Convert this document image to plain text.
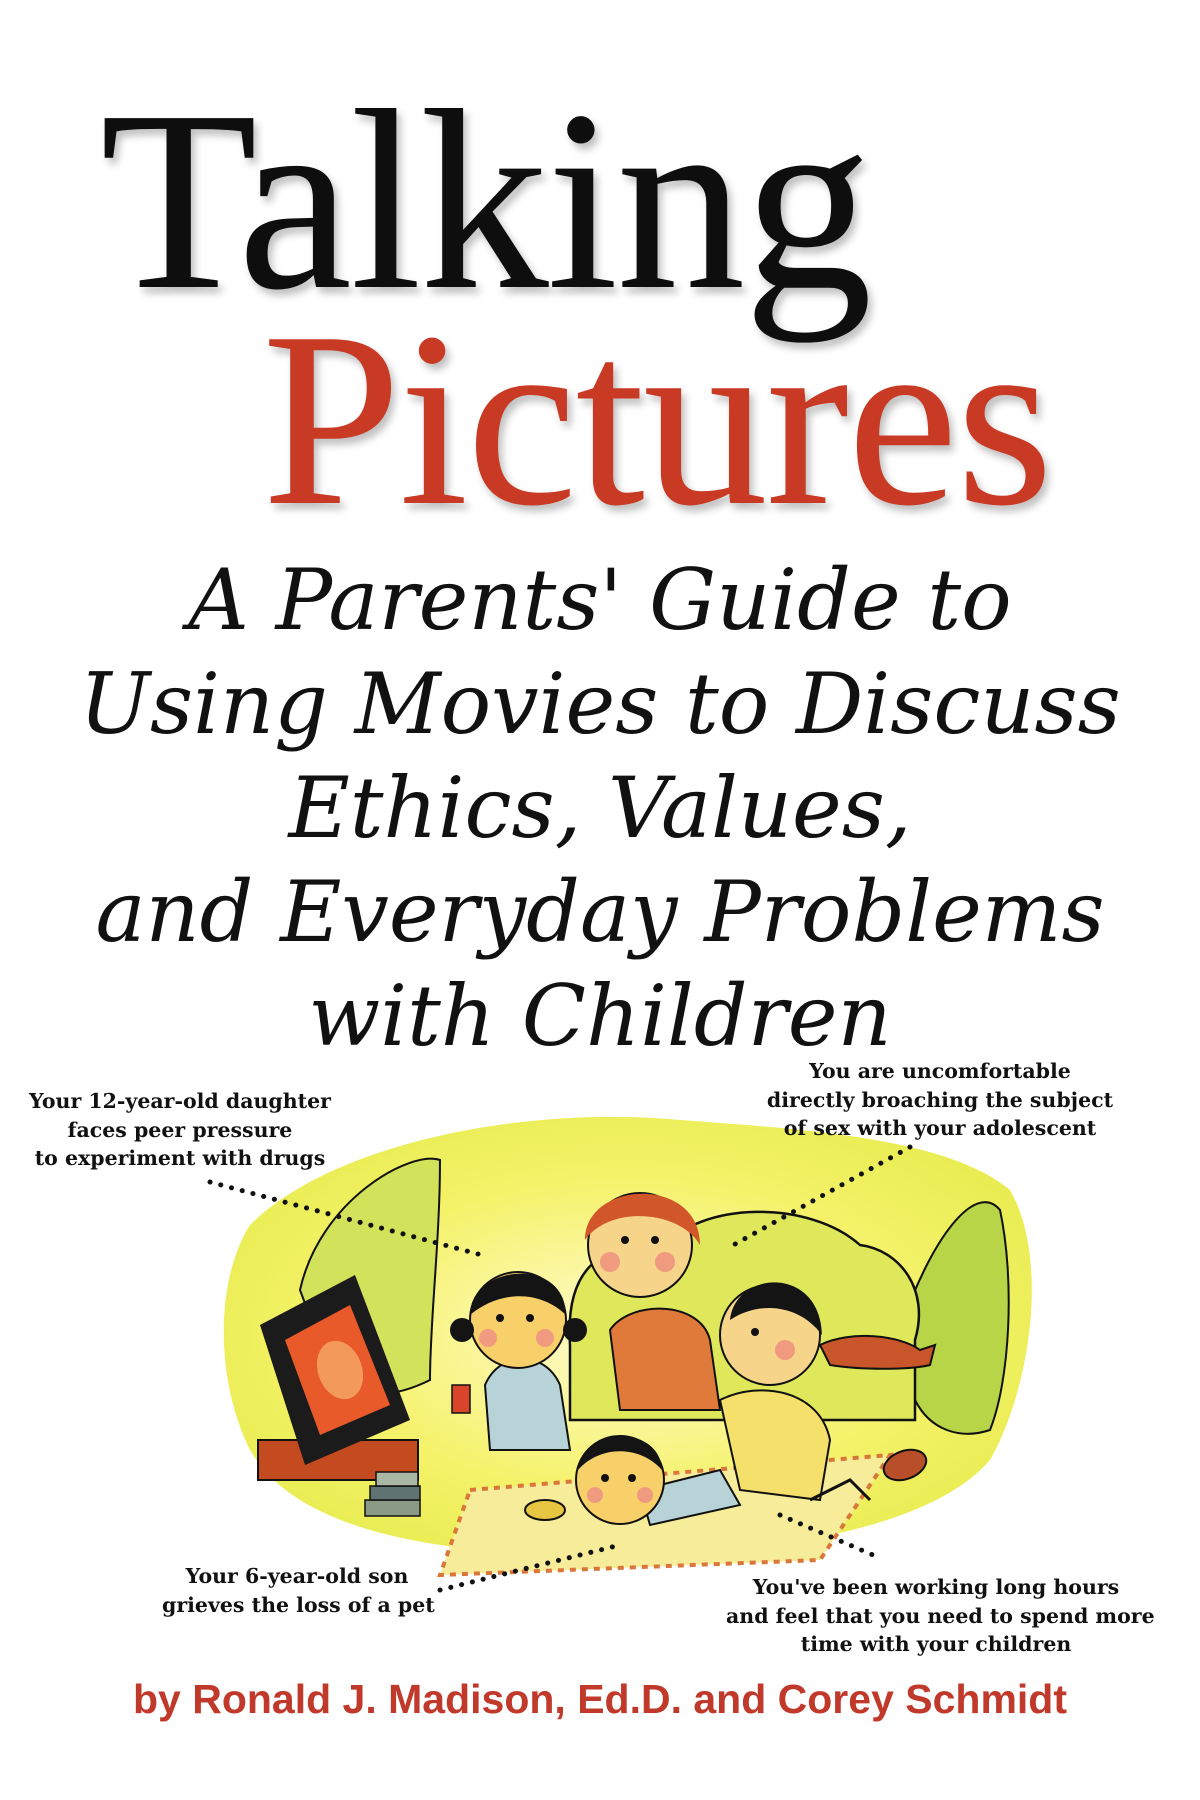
Talking
Pictures
A Parents' Guide to
Using Movies to Discuss
Ethics, Values,
and Everyday Problems
with Children
Your 12-year-old daughter
faces peer pressure
to experiment with drugs
You are uncomfortable
directly broaching the subject
of sex with your adolescent
Your 6-year-old son
grieves the loss of a pet
You've been working long hours
and feel that you need to spend more
time with your children
by Ronald J. Madison, Ed.D. and Corey Schmidt
